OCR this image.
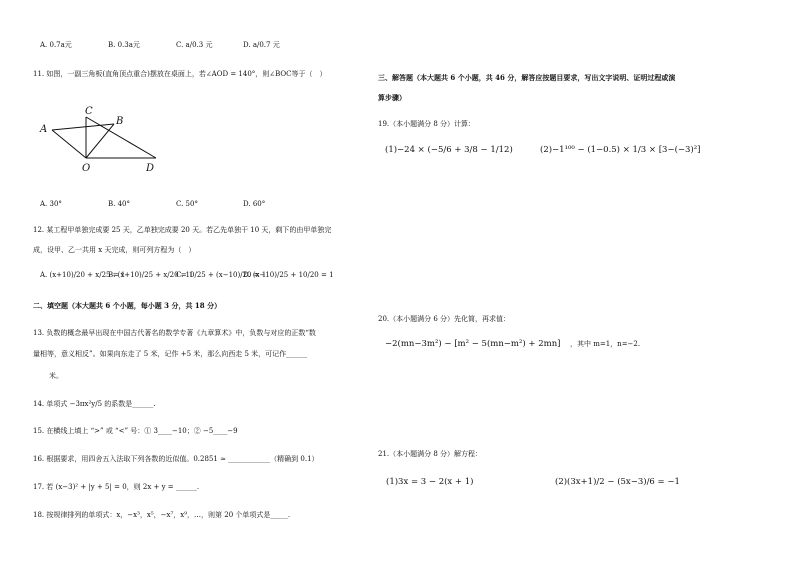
A. 0.7a元	B. 0.3a元	C. a/0.3 元	D. a/0.7 元
11. 如图，一副三角板(直角顶点重合)摆放在桌面上，若∠AOD = 140°，则∠BOC等于（　）
A
B
C
O	D
A. 30°	B. 40°	C. 50°	D. 60°
12. 某工程甲单独完成要 25 天，乙单独完成要 20 天。若乙先单独干 10 天，剩下的由甲单独完
成，设甲、乙一共用 x 天完成，则可列方程为（　）
A. (x+10)/20 + x/25 = 1
B. (x+10)/25 + x/20 = 1
C. 10/25 + (x−10)/20 = 1
D. (x−10)/25 + 10/20 = 1
二、填空题（本大题共 6 个小题，每小题 3 分，共 18 分）
13. 负数的概念最早出现在中国古代著名的数学专著《九章算术》中，负数与对应的正数“数
量相等，意义相反”。如果向东走了 5 米，记作 +5 米，那么向西走 5 米，可记作______
米。
14. 单项式 −3πx²y/5 的系数是______.
15. 在横线上填上 “>” 或 “<” 号：① 3____−10；② −5____−9
16. 根据要求，用四舍五入法取下列各数的近似值。0.2851 ≈ ____________（精确到 0.1）
17. 若 (x−3)² + |y + 5| = 0，则 2x + y = ______.
18. 按规律排列的单项式：x，−x³，x⁵，−x⁷，x⁹，…，则第 20 个单项式是_____.
三、解答题（本大题共 6 个小题，共 46 分，解答应按题目要求，写出文字说明、证明过程或演
算步骤）
19.（本小题满分 8 分）计算：
(1)−24 × (−5/6 + 3/8 − 1/12)	(2)−1¹⁰⁰ − (1−0.5) × 1/3 × [3−(−3)²]
20.（本小题满分 6 分）先化简，再求值：
−2(mn−3m²) − [m² − 5(mn−m²) + 2mn] ，其中 m=1，n=−2.
21.（本小题满分 8 分）解方程：
(1)3x = 3 − 2(x + 1)	(2)(3x+1)/2 − (5x−3)/6 = −1
